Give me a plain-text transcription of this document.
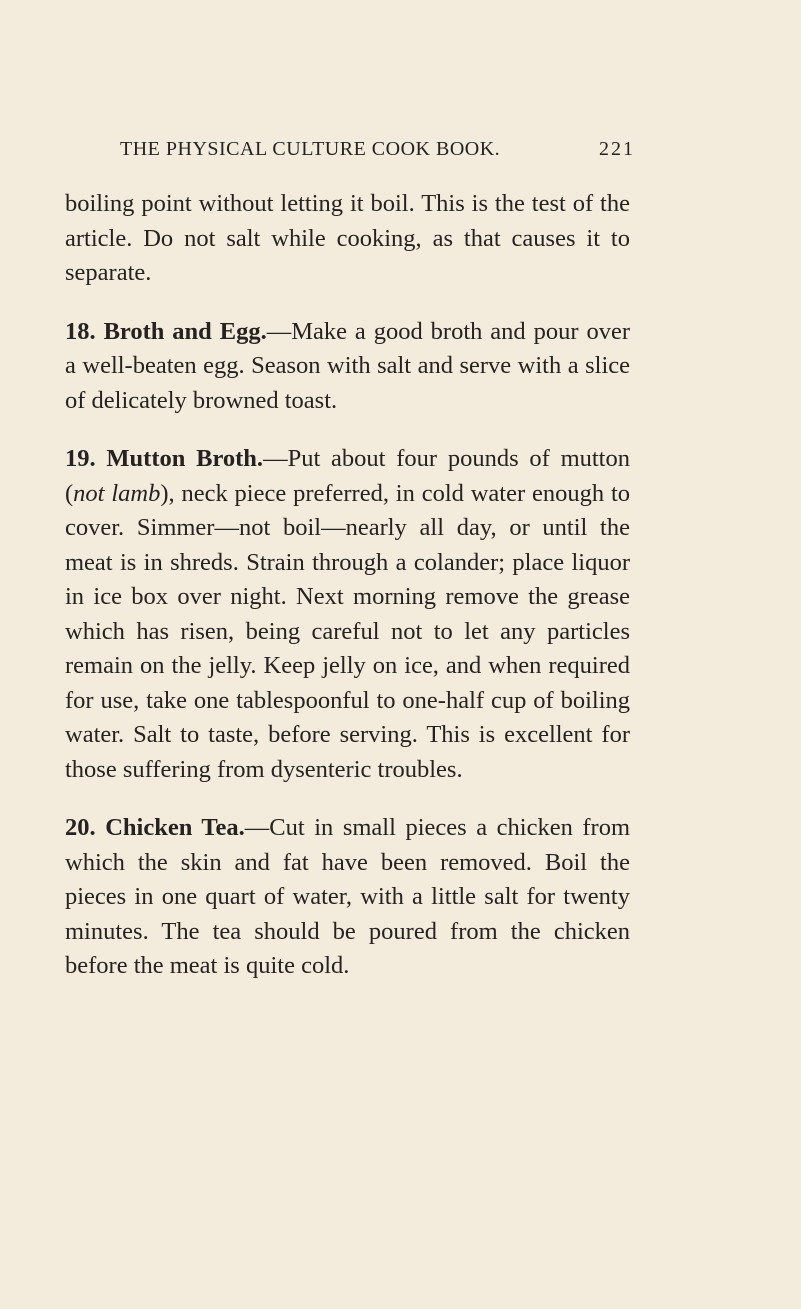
THE PHYSICAL CULTURE COOK BOOK.	221

boiling point without letting it boil. This is the test of the article. Do not salt while cooking, as that causes it to separate.

18. Broth and Egg.—Make a good broth and pour over a well-beaten egg. Season with salt and serve with a slice of delicately browned toast.

19. Mutton Broth.—Put about four pounds of mutton (not lamb), neck piece preferred, in cold water enough to cover. Simmer—not boil—nearly all day, or until the meat is in shreds. Strain through a colander; place liquor in ice box over night. Next morning remove the grease which has risen, being careful not to let any particles remain on the jelly. Keep jelly on ice, and when required for use, take one tablespoonful to one-half cup of boiling water. Salt to taste, before serving. This is excellent for those suffering from dysenteric troubles.

20. Chicken Tea.—Cut in small pieces a chicken from which the skin and fat have been removed. Boil the pieces in one quart of water, with a little salt for twenty minutes. The tea should be poured from the chicken before the meat is quite cold.
